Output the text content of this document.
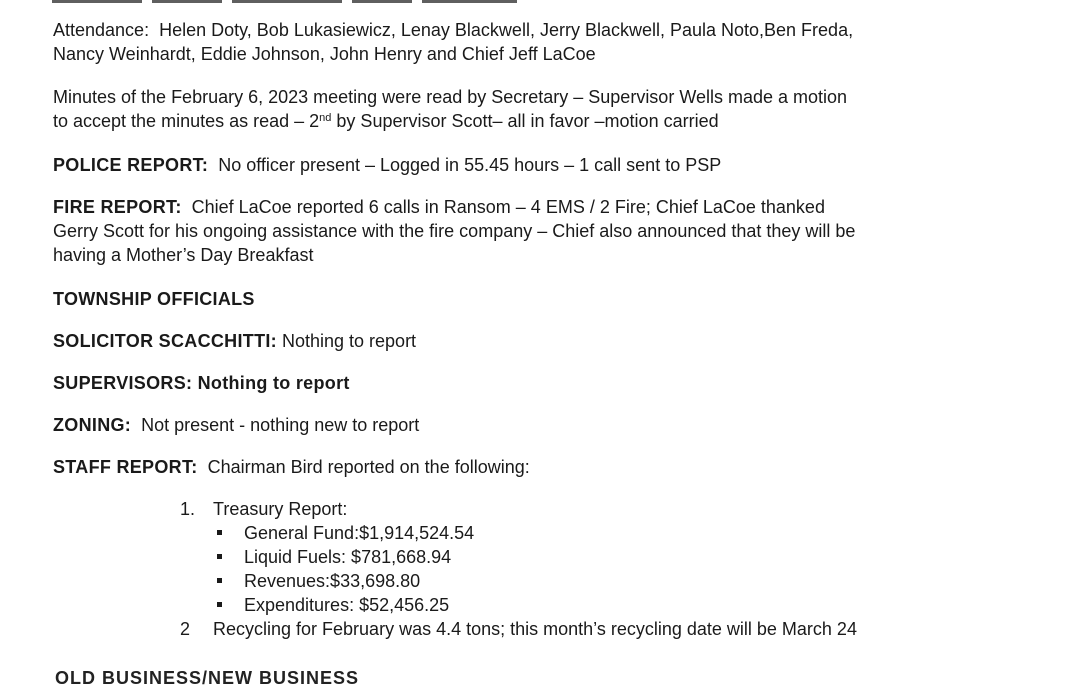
Attendance: Helen Doty, Bob Lukasiewicz, Lenay Blackwell, Jerry Blackwell, Paula Noto,Ben Freda,
Nancy Weinhardt, Eddie Johnson, John Henry and Chief Jeff LaCoe
Minutes of the February 6, 2023 meeting were read by Secretary – Supervisor Wells made a motion
to accept the minutes as read – 2nd by Supervisor Scott– all in favor –motion carried
POLICE REPORT: No officer present – Logged in 55.45 hours – 1 call sent to PSP
FIRE REPORT: Chief LaCoe reported 6 calls in Ransom – 4 EMS / 2 Fire; Chief LaCoe thanked
Gerry Scott for his ongoing assistance with the fire company – Chief also announced that they will be
having a Mother’s Day Breakfast
TOWNSHIP OFFICIALS
SOLICITOR SCACCHITTI: Nothing to report
SUPERVISORS: Nothing to report
ZONING: Not present - nothing new to report
STAFF REPORT: Chairman Bird reported on the following:
1. Treasury Report:
General Fund:$1,914,524.54
Liquid Fuels: $781,668.94
Revenues:$33,698.80
Expenditures: $52,456.25
2 Recycling for February was 4.4 tons; this month’s recycling date will be March 24
OLD BUSINESS/NEW BUSINESS
